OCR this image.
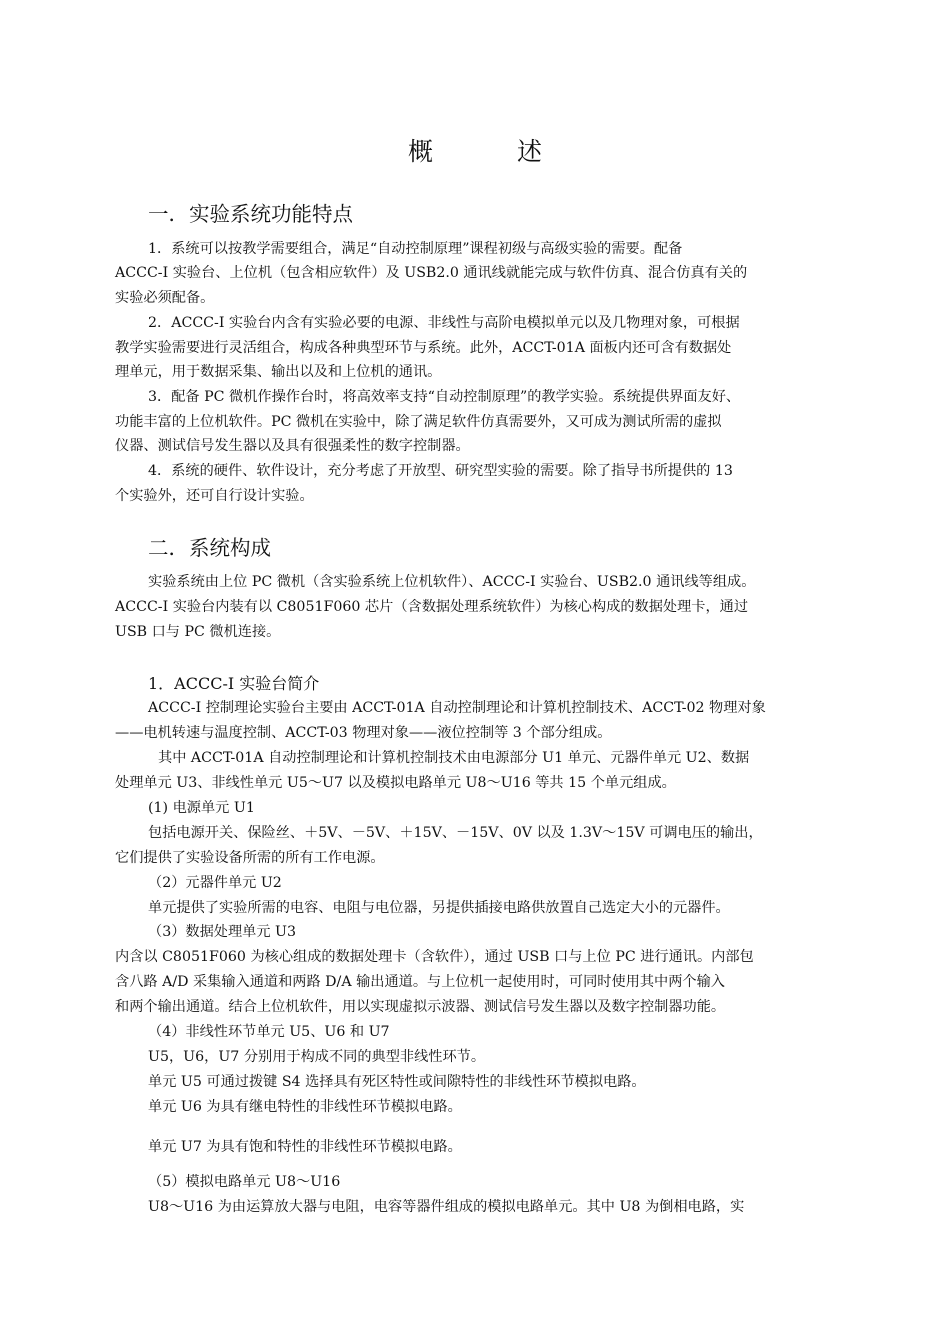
概 述
一．实验系统功能特点
1．系统可以按教学需要组合，满足“自动控制原理”课程初级与高级实验的需要。配备
ACCC-I 实验台、上位机（包含相应软件）及 USB2.0 通讯线就能完成与软件仿真、混合仿真有关的
实验必须配备。
2．ACCC-I 实验台内含有实验必要的电源、非线性与高阶电模拟单元以及几物理对象，可根据
教学实验需要进行灵活组合，构成各种典型环节与系统。此外，ACCT-01A 面板内还可含有数据处
理单元，用于数据采集、输出以及和上位机的通讯。
3．配备 PC 微机作操作台时，将高效率支持“自动控制原理”的教学实验。系统提供界面友好、
功能丰富的上位机软件。PC 微机在实验中，除了满足软件仿真需要外，又可成为测试所需的虚拟
仪器、测试信号发生器以及具有很强柔性的数字控制器。
4．系统的硬件、软件设计，充分考虑了开放型、研究型实验的需要。除了指导书所提供的 13
个实验外，还可自行设计实验。
二．系统构成
实验系统由上位 PC 微机（含实验系统上位机软件）、ACCC-I 实验台、USB2.0 通讯线等组成。
ACCC-I 实验台内装有以 C8051F060 芯片（含数据处理系统软件）为核心构成的数据处理卡，通过
USB 口与 PC 微机连接。
1．ACCC-I 实验台简介
ACCC-I 控制理论实验台主要由 ACCT-01A 自动控制理论和计算机控制技术、ACCT-02 物理对象
——电机转速与温度控制、ACCT-03 物理对象——液位控制等 3 个部分组成。
其中 ACCT-01A 自动控制理论和计算机控制技术由电源部分 U1 单元、元器件单元 U2、数据
处理单元 U3、非线性单元 U5～U7 以及模拟电路单元 U8～U16 等共 15 个单元组成。
(1) 电源单元 U1
包括电源开关、保险丝、＋5V、－5V、＋15V、－15V、0V 以及 1.3V～15V 可调电压的输出，
它们提供了实验设备所需的所有工作电源。
（2）元器件单元 U2
单元提供了实验所需的电容、电阻与电位器，另提供插接电路供放置自己选定大小的元器件。
（3）数据处理单元 U3
内含以 C8051F060 为核心组成的数据处理卡（含软件），通过 USB 口与上位 PC 进行通讯。内部包
含八路 A/D 采集输入通道和两路 D/A 输出通道。与上位机一起使用时，可同时使用其中两个输入
和两个输出通道。结合上位机软件，用以实现虚拟示波器、测试信号发生器以及数字控制器功能。
（4）非线性环节单元 U5、U6 和 U7
U5，U6，U7 分别用于构成不同的典型非线性环节。
单元 U5 可通过拨键 S4 选择具有死区特性或间隙特性的非线性环节模拟电路。
单元 U6 为具有继电特性的非线性环节模拟电路。
单元 U7 为具有饱和特性的非线性环节模拟电路。
（5）模拟电路单元 U8～U16
U8～U16 为由运算放大器与电阻，电容等器件组成的模拟电路单元。其中 U8 为倒相电路，实
